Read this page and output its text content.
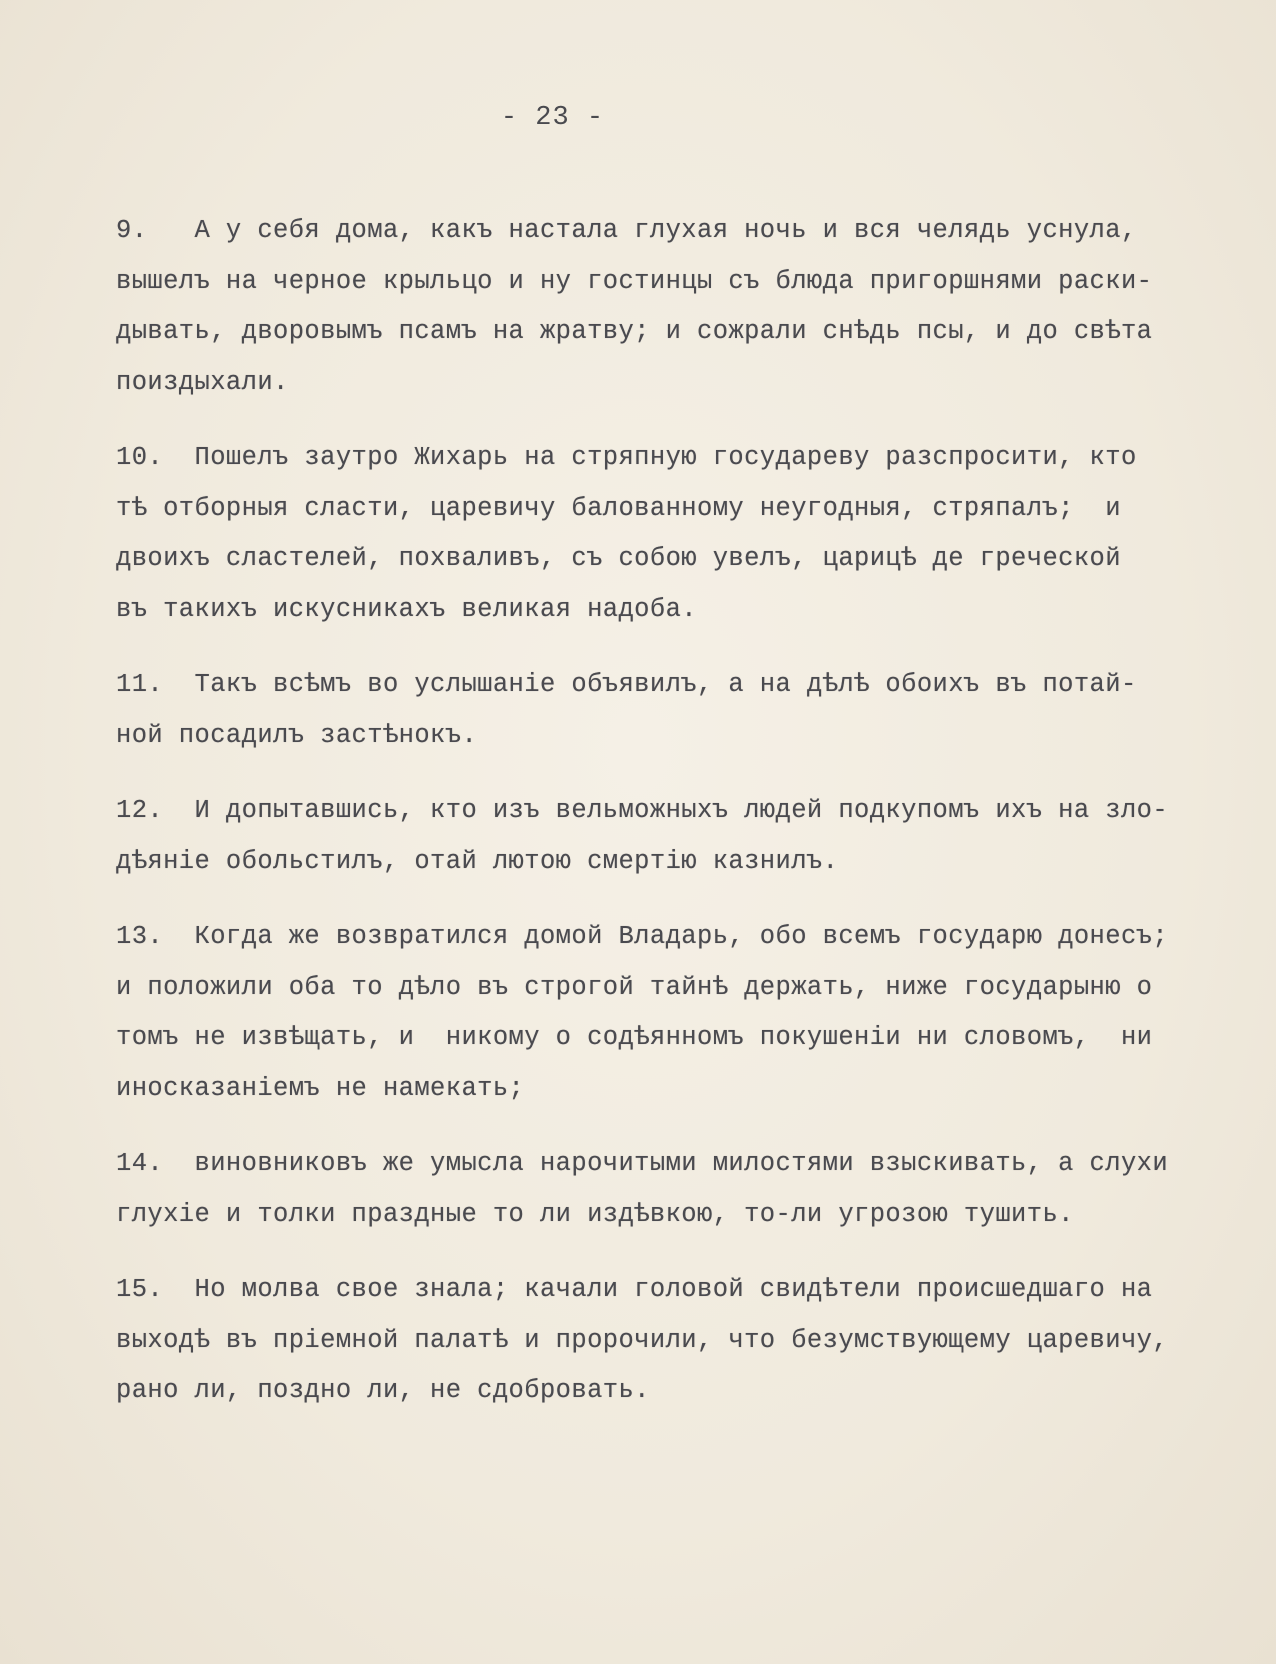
- 23 -
9.   А у себя дома, какъ настала глухая ночь и вся челядь уснула,
вышелъ на черное крыльцо и ну гостинцы съ блюда пригоршнями раски-
дывать, дворовымъ псамъ на жратву; и сожрали снѣдь псы, и до свѣта
поиздыхали.
10.  Пошелъ заутро Жихарь на стряпную государеву разспросити, кто
тѣ отборныя сласти, царевичу балованному неугодныя, стряпалъ;  и
двоихъ сластелей, похваливъ, съ собою увелъ, царицѣ де греческой
въ такихъ искусникахъ великая надоба.
11.  Такъ всѣмъ во услышаніе объявилъ, а на дѣлѣ обоихъ въ потай-
ной посадилъ застѣнокъ.
12.  И допытавшись, кто изъ вельможныхъ людей подкупомъ ихъ на зло-
дѣяніе обольстилъ, отай лютою смертію казнилъ.
13.  Когда же возвратился домой Владарь, обо всемъ государю донесъ;
и положили оба то дѣло въ строгой тайнѣ держать, ниже государыню о
томъ не извѣщать, и  никому о содѣянномъ покушеніи ни словомъ,  ни
иносказаніемъ не намекать;
14.  виновниковъ же умысла нарочитыми милостями взыскивать, а слухи
глухіе и толки праздные то ли издѣвкою, то-ли угрозою тушить.
15.  Но молва свое знала; качали головой свидѣтели происшедшаго на
выходѣ въ пріемной палатѣ и пророчили, что безумствующему царевичу,
рано ли, поздно ли, не сдобровать.
